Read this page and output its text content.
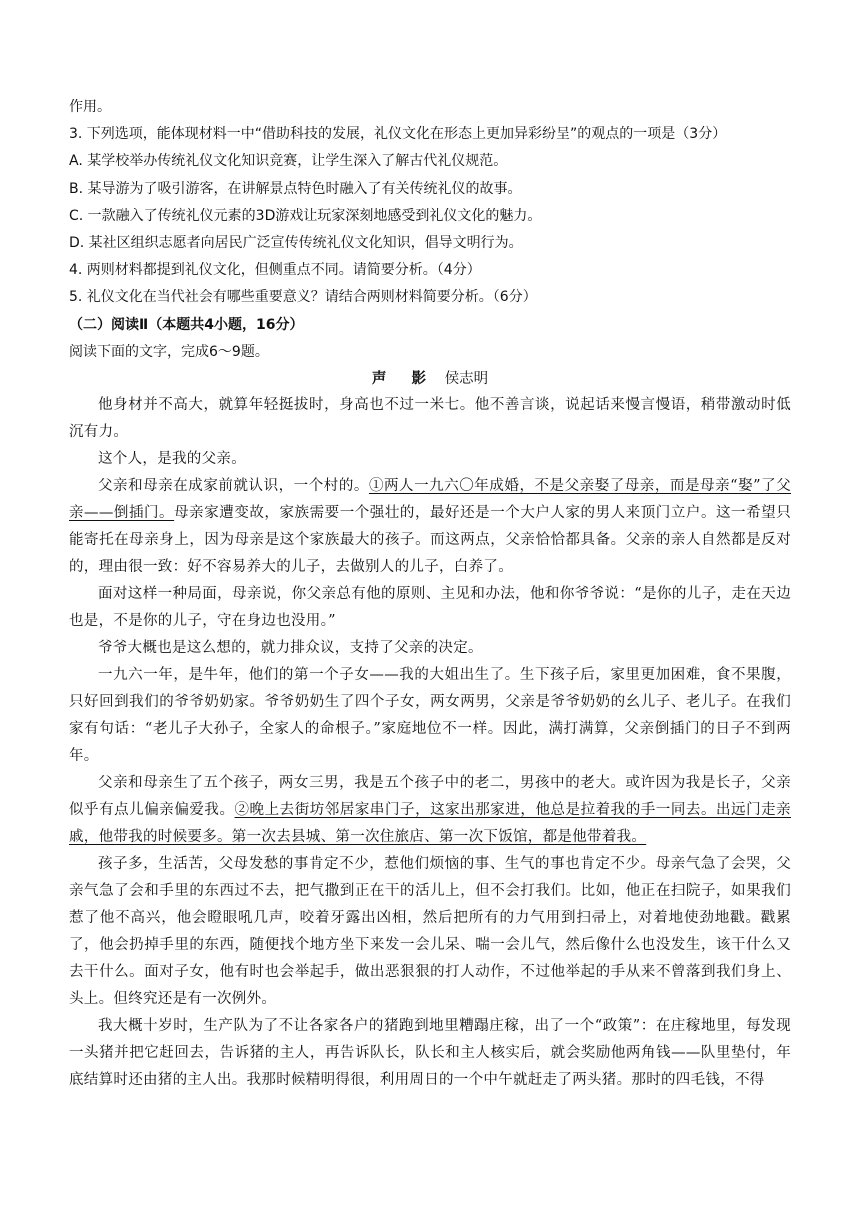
作用。
3. 下列选项，能体现材料一中“借助科技的发展，礼仪文化在形态上更加异彩纷呈”的观点的一项是（3分）
A. 某学校举办传统礼仪文化知识竞赛，让学生深入了解古代礼仪规范。
B. 某导游为了吸引游客，在讲解景点特色时融入了有关传统礼仪的故事。
C. 一款融入了传统礼仪元素的3D游戏让玩家深刻地感受到礼仪文化的魅力。
D. 某社区组织志愿者向居民广泛宣传传统礼仪文化知识，倡导文明行为。
4. 两则材料都提到礼仪文化，但侧重点不同。请简要分析。（4分）
5. 礼仪文化在当代社会有哪些重要意义？请结合两则材料简要分析。（6分）
（二）阅读Ⅱ（本题共4小题，16分）
阅读下面的文字，完成6～9题。
声 影 侯志明
他身材并不高大，就算年轻挺拔时，身高也不过一米七。他不善言谈，说起话来慢言慢语，稍带激动时低沉有力。
这个人，是我的父亲。
父亲和母亲在成家前就认识，一个村的。①两人一九六〇年成婚，不是父亲娶了母亲，而是母亲“娶”了父亲——倒插门。母亲家遭变故，家族需要一个强壮的，最好还是一个大户人家的男人来顶门立户。这一希望只能寄托在母亲身上，因为母亲是这个家族最大的孩子。而这两点，父亲恰恰都具备。父亲的亲人自然都是反对的，理由很一致：好不容易养大的儿子，去做别人的儿子，白养了。
面对这样一种局面，母亲说，你父亲总有他的原则、主见和办法，他和你爷爷说：“是你的儿子，走在天边也是，不是你的儿子，守在身边也没用。”
爷爷大概也是这么想的，就力排众议，支持了父亲的决定。
一九六一年，是牛年，他们的第一个子女——我的大姐出生了。生下孩子后，家里更加困难，食不果腹，只好回到我们的爷爷奶奶家。爷爷奶奶生了四个子女，两女两男，父亲是爷爷奶奶的幺儿子、老儿子。在我们家有句话：“老儿子大孙子，全家人的命根子。”家庭地位不一样。因此，满打满算，父亲倒插门的日子不到两年。
父亲和母亲生了五个孩子，两女三男，我是五个孩子中的老二，男孩中的老大。或许因为我是长子，父亲似乎有点儿偏亲偏爱我。②晚上去街坊邻居家串门子，这家出那家进，他总是拉着我的手一同去。出远门走亲戚，他带我的时候要多。第一次去县城、第一次住旅店、第一次下饭馆，都是他带着我。
孩子多，生活苦，父母发愁的事肯定不少，惹他们烦恼的事、生气的事也肯定不少。母亲气急了会哭，父亲气急了会和手里的东西过不去，把气撒到正在干的活儿上，但不会打我们。比如，他正在扫院子，如果我们惹了他不高兴，他会瞪眼吼几声，咬着牙露出凶相，然后把所有的力气用到扫帚上，对着地使劲地戳。戳累了，他会扔掉手里的东西，随便找个地方坐下来发一会儿呆、喘一会儿气，然后像什么也没发生，该干什么又去干什么。面对子女，他有时也会举起手，做出恶狠狠的打人动作，不过他举起的手从来不曾落到我们身上、头上。但终究还是有一次例外。
我大概十岁时，生产队为了不让各家各户的猪跑到地里糟蹋庄稼，出了一个“政策”：在庄稼地里，每发现一头猪并把它赶回去，告诉猪的主人，再告诉队长，队长和主人核实后，就会奖励他两角钱——队里垫付，年底结算时还由猪的主人出。我那时候精明得很，利用周日的一个中午就赶走了两头猪。那时的四毛钱，不得
